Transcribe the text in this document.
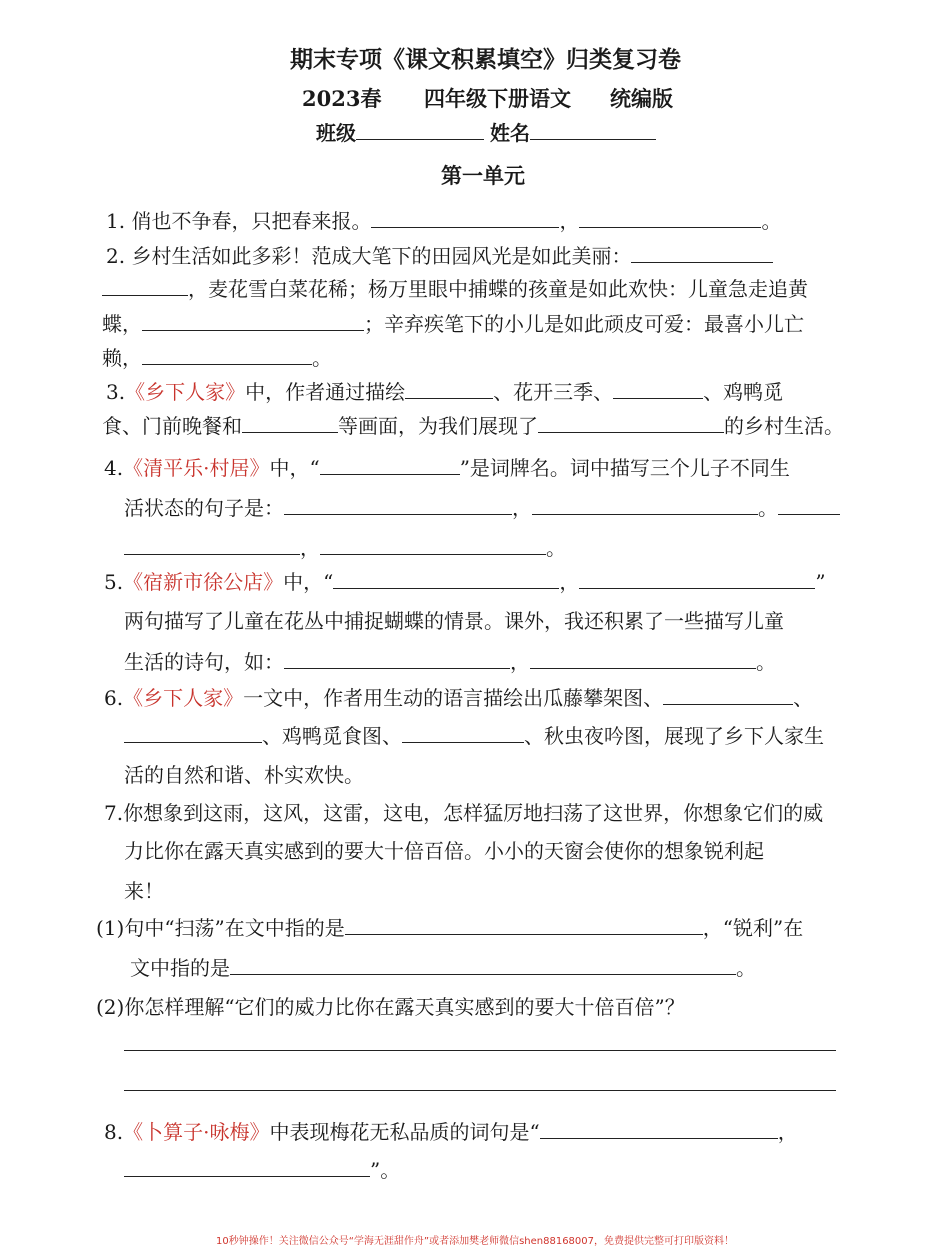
期末专项《课文积累填空》归类复习卷
2023春 四年级下册语文 统编版
班级	姓名
第一单元
1. 俏也不争春，只把春来报。	，	。
2. 乡村生活如此多彩！范成大笔下的田园风光是如此美丽：
，麦花雪白菜花稀；杨万里眼中捕蝶的孩童是如此欢快：儿童急走追黄
蝶，	；辛弃疾笔下的小儿是如此顽皮可爱：最喜小儿亡
赖，	。
3.《乡下人家》中，作者通过描绘	、花开三季、	、鸡鸭觅
食、门前晚餐和	等画面，为我们展现了	的乡村生活。
4.《清平乐·村居》中，“	”是词牌名。词中描写三个儿子不同生
活状态的句子是：	，	。
，	。
5.《宿新市徐公店》中，“	，	”
两句描写了儿童在花丛中捕捉蝴蝶的情景。课外，我还积累了一些描写儿童
生活的诗句，如：	，	。
6.《乡下人家》一文中，作者用生动的语言描绘出瓜藤攀架图、	、
、鸡鸭觅食图、	、秋虫夜吟图，展现了乡下人家生
活的自然和谐、朴实欢快。
7.你想象到这雨，这风，这雷，这电，怎样猛厉地扫荡了这世界，你想象它们的威
力比你在露天真实感到的要大十倍百倍。小小的天窗会使你的想象锐利起
来！
(1)句中“扫荡”在文中指的是	，“锐利”在
文中指的是	。
(2)你怎样理解“它们的威力比你在露天真实感到的要大十倍百倍”？
8.《卜算子·咏梅》中表现梅花无私品质的词句是“	，
”。
10秒钟操作！关注微信公众号“学海无涯甜作舟”或者添加樊老师微信shen88168007，免费提供完整可打印版资料！
